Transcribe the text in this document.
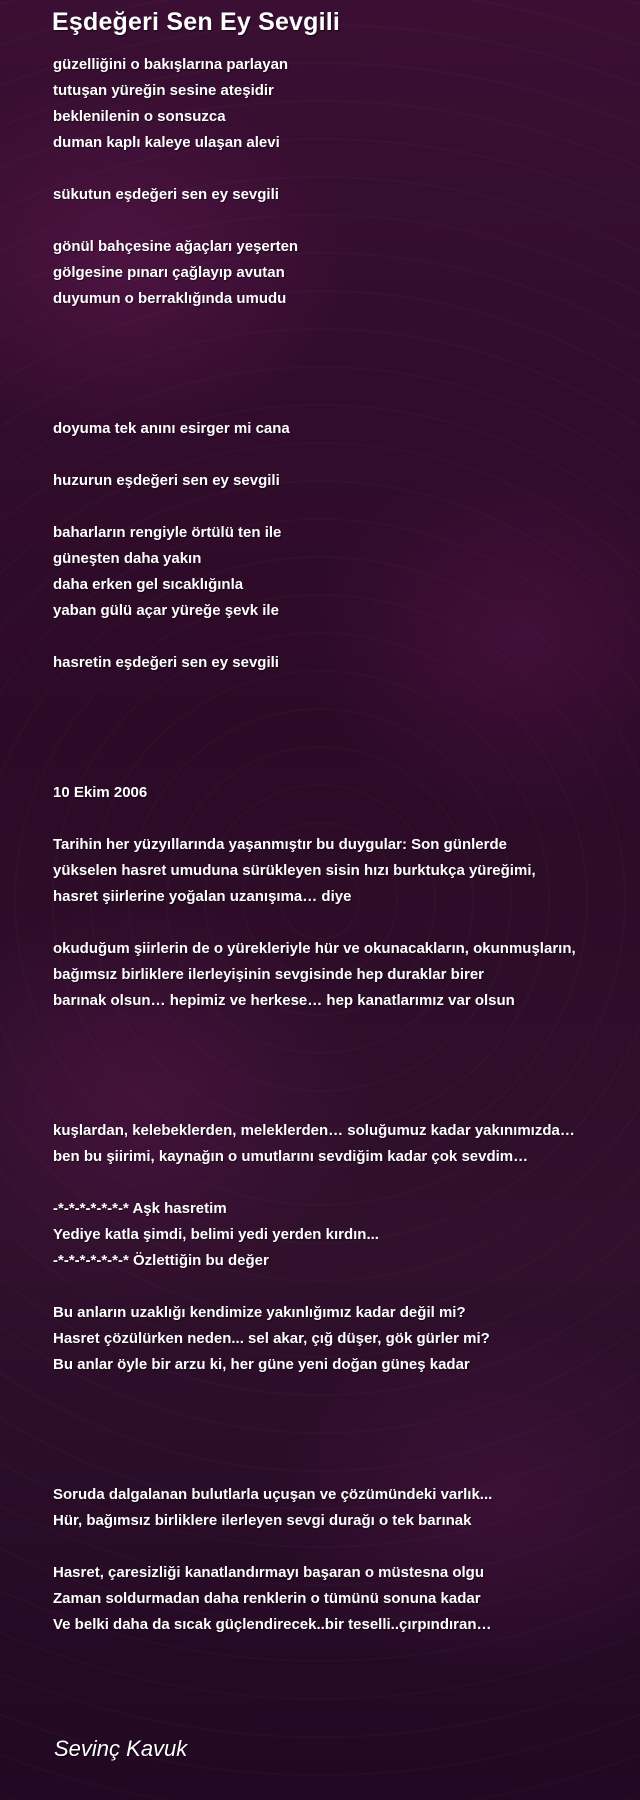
Eşdeğeri Sen Ey Sevgili
güzelliğini o bakışlarına parlayan
tutuşan yüreğin sesine ateşidir
beklenilenin o sonsuzca
duman kaplı kaleye ulaşan alevi
sükutun eşdeğeri sen ey sevgili
gönül bahçesine ağaçları yeşerten
gölgesine pınarı çağlayıp avutan
duyumun o berraklığında umudu
doyuma tek anını esirger mi cana
huzurun eşdeğeri sen ey sevgili
baharların rengiyle örtülü ten ile
güneşten daha yakın
daha erken gel sıcaklığınla
yaban gülü açar yüreğe şevk ile
hasretin eşdeğeri sen ey sevgili
10 Ekim 2006
Tarihin her yüzyıllarında yaşanmıştır bu duygular: Son günlerde
yükselen hasret umuduna sürükleyen sisin hızı burktukça yüreğimi,
hasret şiirlerine yoğalan uzanışıma… diye
okuduğum şiirlerin de o yürekleriyle hür ve okunacakların, okunmuşların,
bağımsız birliklere ilerleyişinin sevgisinde hep duraklar birer
barınak olsun… hepimiz ve herkese… hep kanatlarımız var olsun
kuşlardan, kelebeklerden, meleklerden… soluğumuz kadar yakınımızda…
ben bu şiirimi, kaynağın o umutlarını sevdiğim kadar çok sevdim…
-*-*-*-*-*-*-* Aşk hasretim
Yediye katla şimdi, belimi yedi yerden kırdın...
-*-*-*-*-*-*-* Özlettiğin bu değer
Bu anların uzaklığı kendimize yakınlığımız kadar değil mi?
Hasret çözülürken neden... sel akar, çığ düşer, gök gürler mi?
Bu anlar öyle bir arzu ki, her güne yeni doğan güneş kadar
Soruda dalgalanan bulutlarla uçuşan ve çözümündeki varlık...
Hür, bağımsız birliklere ilerleyen sevgi durağı o tek barınak
Hasret, çaresizliği kanatlandırmayı başaran o müstesna olgu
Zaman soldurmadan daha renklerin o tümünü sonuna kadar
Ve belki daha da sıcak güçlendirecek..bir teselli..çırpındıran…
Sevinç Kavuk
